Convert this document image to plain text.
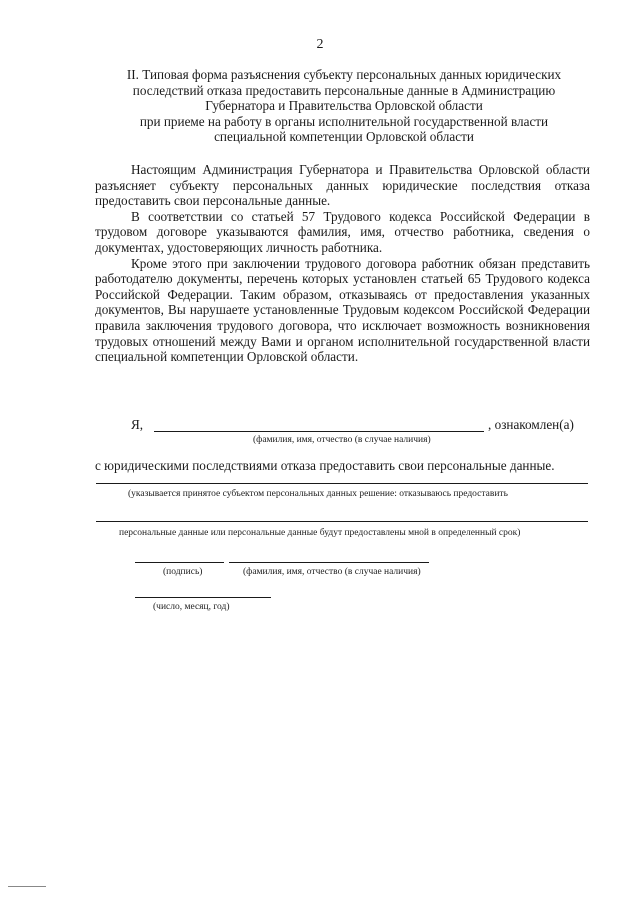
2
II. Типовая форма разъяснения субъекту персональных данных юридических
последствий отказа предоставить персональные данные в Администрацию
Губернатора и Правительства Орловской области
при приеме на работу в органы исполнительной государственной власти
специальной компетенции Орловской области

Настоящим Администрация Губернатора и Правительства Орловской области разъясняет субъекту персональных данных юридические последствия отказа предоставить свои персональные данные.

В соответствии со статьей 57 Трудового кодекса Российской Федерации в трудовом договоре указываются фамилия, имя, отчество работника, сведения о документах, удостоверяющих личность работника.

Кроме этого при заключении трудового договора работник обязан представить работодателю документы, перечень которых установлен статьей 65 Трудового кодекса Российской Федерации. Таким образом, отказываясь от предоставления указанных документов, Вы нарушаете установленные Трудовым кодексом Российской Федерации правила заключения трудового договора, что исключает возможность возникновения трудовых отношений между Вами и органом исполнительной государственной власти специальной компетенции Орловской области.

Я,	, ознакомлен(а)
(фамилия, имя, отчество (в случае наличия)
с юридическими последствиями отказа предоставить свои персональные данные.
(указывается принятое субъектом персональных данных решение: отказываюсь предоставить
персональные данные или персональные данные будут предоставлены мной в определенный срок)
(подпись)	(фамилия, имя, отчество (в случае наличия)
(число, месяц, год)
